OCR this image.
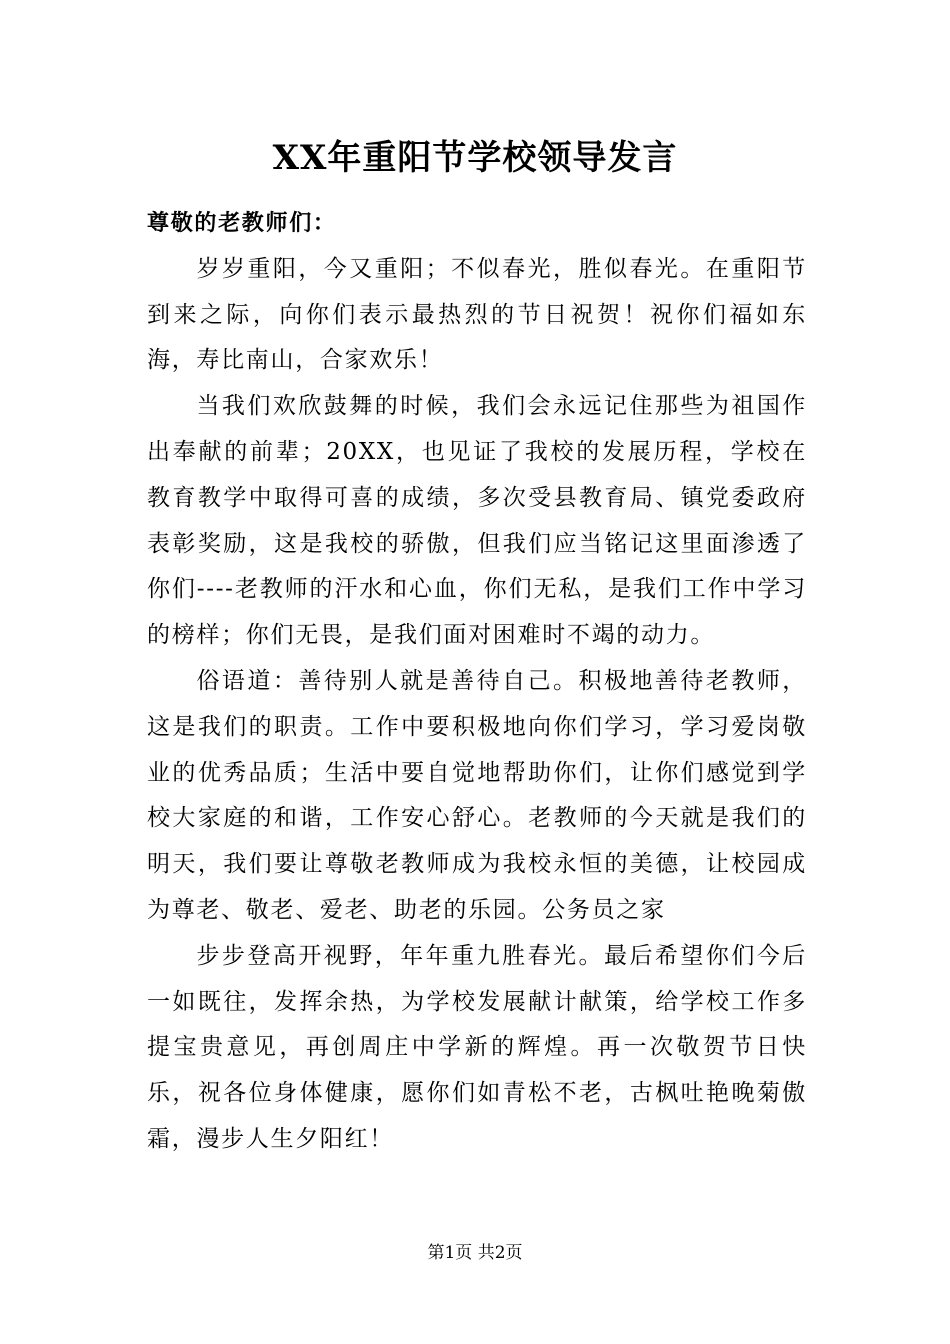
XX年重阳节学校领导发言

尊敬的老教师们：

岁岁重阳，今又重阳；不似春光，胜似春光。在重阳节到来之际，向你们表示最热烈的节日祝贺！祝你们福如东海，寿比南山，合家欢乐！

当我们欢欣鼓舞的时候，我们会永远记住那些为祖国作出奉献的前辈；20XX，也见证了我校的发展历程，学校在教育教学中取得可喜的成绩，多次受县教育局、镇党委政府表彰奖励，这是我校的骄傲，但我们应当铭记这里面渗透了你们----老教师的汗水和心血，你们无私，是我们工作中学习的榜样；你们无畏，是我们面对困难时不竭的动力。

俗语道：善待别人就是善待自己。积极地善待老教师，这是我们的职责。工作中要积极地向你们学习，学习爱岗敬业的优秀品质；生活中要自觉地帮助你们，让你们感觉到学校大家庭的和谐，工作安心舒心。老教师的今天就是我们的明天，我们要让尊敬老教师成为我校永恒的美德，让校园成为尊老、敬老、爱老、助老的乐园。公务员之家

步步登高开视野，年年重九胜春光。最后希望你们今后一如既往，发挥余热，为学校发展献计献策，给学校工作多提宝贵意见，再创周庄中学新的辉煌。再一次敬贺节日快乐，祝各位身体健康，愿你们如青松不老，古枫吐艳晚菊傲霜，漫步人生夕阳红！

第1页 共2页
